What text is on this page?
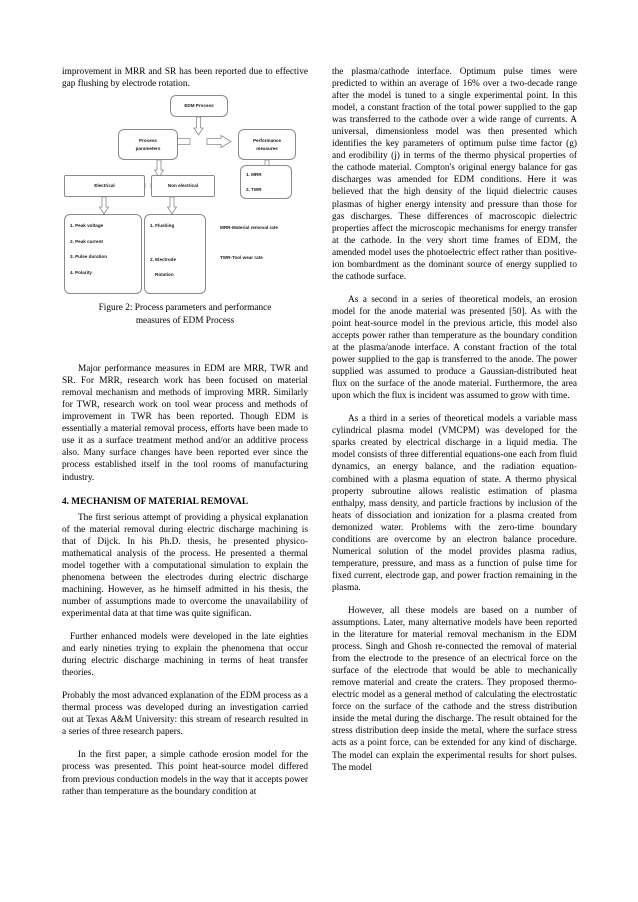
improvement in MRR and SR has been reported due to effective gap flushing by electrode rotation.

EDM Process
Process
parameters
Performance
measures
Electrical	Non electrical
1. MRR
2. TWR
1. Peak voltage
2. Peak current
3. Pulse duration
4. Polarity
1. Flushing
2. Electrode
Rotation
MRR-Material removal rate
TWR-Tool wear rate
Figure 2: Process parameters and performance
measures of EDM Process

Major performance measures in EDM are MRR, TWR and SR. For MRR, research work has been focused on material removal mechanism and methods of improving MRR. Similarly for TWR, research work on tool wear process and methods of improvement in TWR has been reported. Though EDM is essentially a material removal process, efforts have been made to use it as a surface treatment method and/or an additive process also. Many surface changes have been reported ever since the process established itself in the tool rooms of manufacturing industry.

4. MECHANISM OF MATERIAL REMOVAL

The first serious attempt of providing a physical explanation of the material removal during electric discharge machining is that of Dijck. In his Ph.D. thesis, he presented physico- mathematical analysis of the process. He presented a thermal model together with a computational simulation to explain the phenomena between the electrodes during electric discharge machining. However, as he himself admitted in his thesis, the number of assumptions made to overcome the unavailability of experimental data at that time was quite significan.

Further enhanced models were developed in the late eighties and early nineties trying to explain the phenomena that occur during electric discharge machining in terms of heat transfer theories.

Probably the most advanced explanation of the EDM process as a thermal process was developed during an investigation carried out at Texas A&M University: this stream of research resulted in a series of three research papers.

In the first paper, a simple cathode erosion model for the process was presented. This point heat-source model differed from previous conduction models in the way that it accepts power rather than temperature as the boundary condition at

the plasma/cathode interface. Optimum pulse times were predicted to within an average of 16% over a two-decade range after the model is tuned to a single experimental point. In this model, a constant fraction of the total power supplied to the gap was transferred to the cathode over a wide range of currents. A universal, dimensionless model was then presented which identifies the key parameters of optimum pulse time factor (g) and erodibility (j) in terms of the thermo physical properties of the cathode material. Compton's original energy balance for gas discharges was amended for EDM conditions. Here it was believed that the high density of the liquid dielectric causes plasmas of higher energy intensity and pressure than those for gas discharges. These differences of macroscopic dielectric properties affect the microscopic mechanisms for energy transfer at the cathode. In the very short time frames of EDM, the amended model uses the photoelectric effect rather than positive-ion bombardment as the dominant source of energy supplied to the cathode surface.

As a second in a series of theoretical models, an erosion model for the anode material was presented [50]. As with the point heat-source model in the previous article, this model also accepts power rather than temperature as the boundary condition at the plasma/anode interface. A constant fraction of the total power supplied to the gap is transferred to the anode. The power supplied was assumed to produce a Gaussian-distributed heat flux on the surface of the anode material. Furthermore, the area upon which the flux is incident was assumed to grow with time.

As a third in a series of theoretical models a variable mass cylindrical plasma model (VMCPM) was developed for the sparks created by electrical discharge in a liquid media. The model consists of three differential equations-one each from fluid dynamics, an energy balance, and the radiation equation-combined with a plasma equation of state. A thermo physical property subroutine allows realistic estimation of plasma enthalpy, mass density, and particle fractions by inclusion of the heats of dissociation and ionization for a plasma created from demonized water. Problems with the zero-time boundary conditions are overcome by an electron balance procedure. Numerical solution of the model provides plasma radius, temperature, pressure, and mass as a function of pulse time for fixed current, electrode gap, and power fraction remaining in the plasma.

However, all these models are based on a number of assumptions. Later, many alternative models have been reported in the literature for material removal mechanism in the EDM process. Singh and Ghosh re-connected the removal of material from the electrode to the presence of an electrical force on the surface of the electrode that would be able to mechanically remove material and create the craters. They proposed thermo-electric model as a general method of calculating the electrostatic force on the surface of the cathode and the stress distribution inside the metal during the discharge. The result obtained for the stress distribution deep inside the metal, where the surface stress acts as a point force, can be extended for any kind of discharge. The model can explain the experimental results for short pulses. The model
